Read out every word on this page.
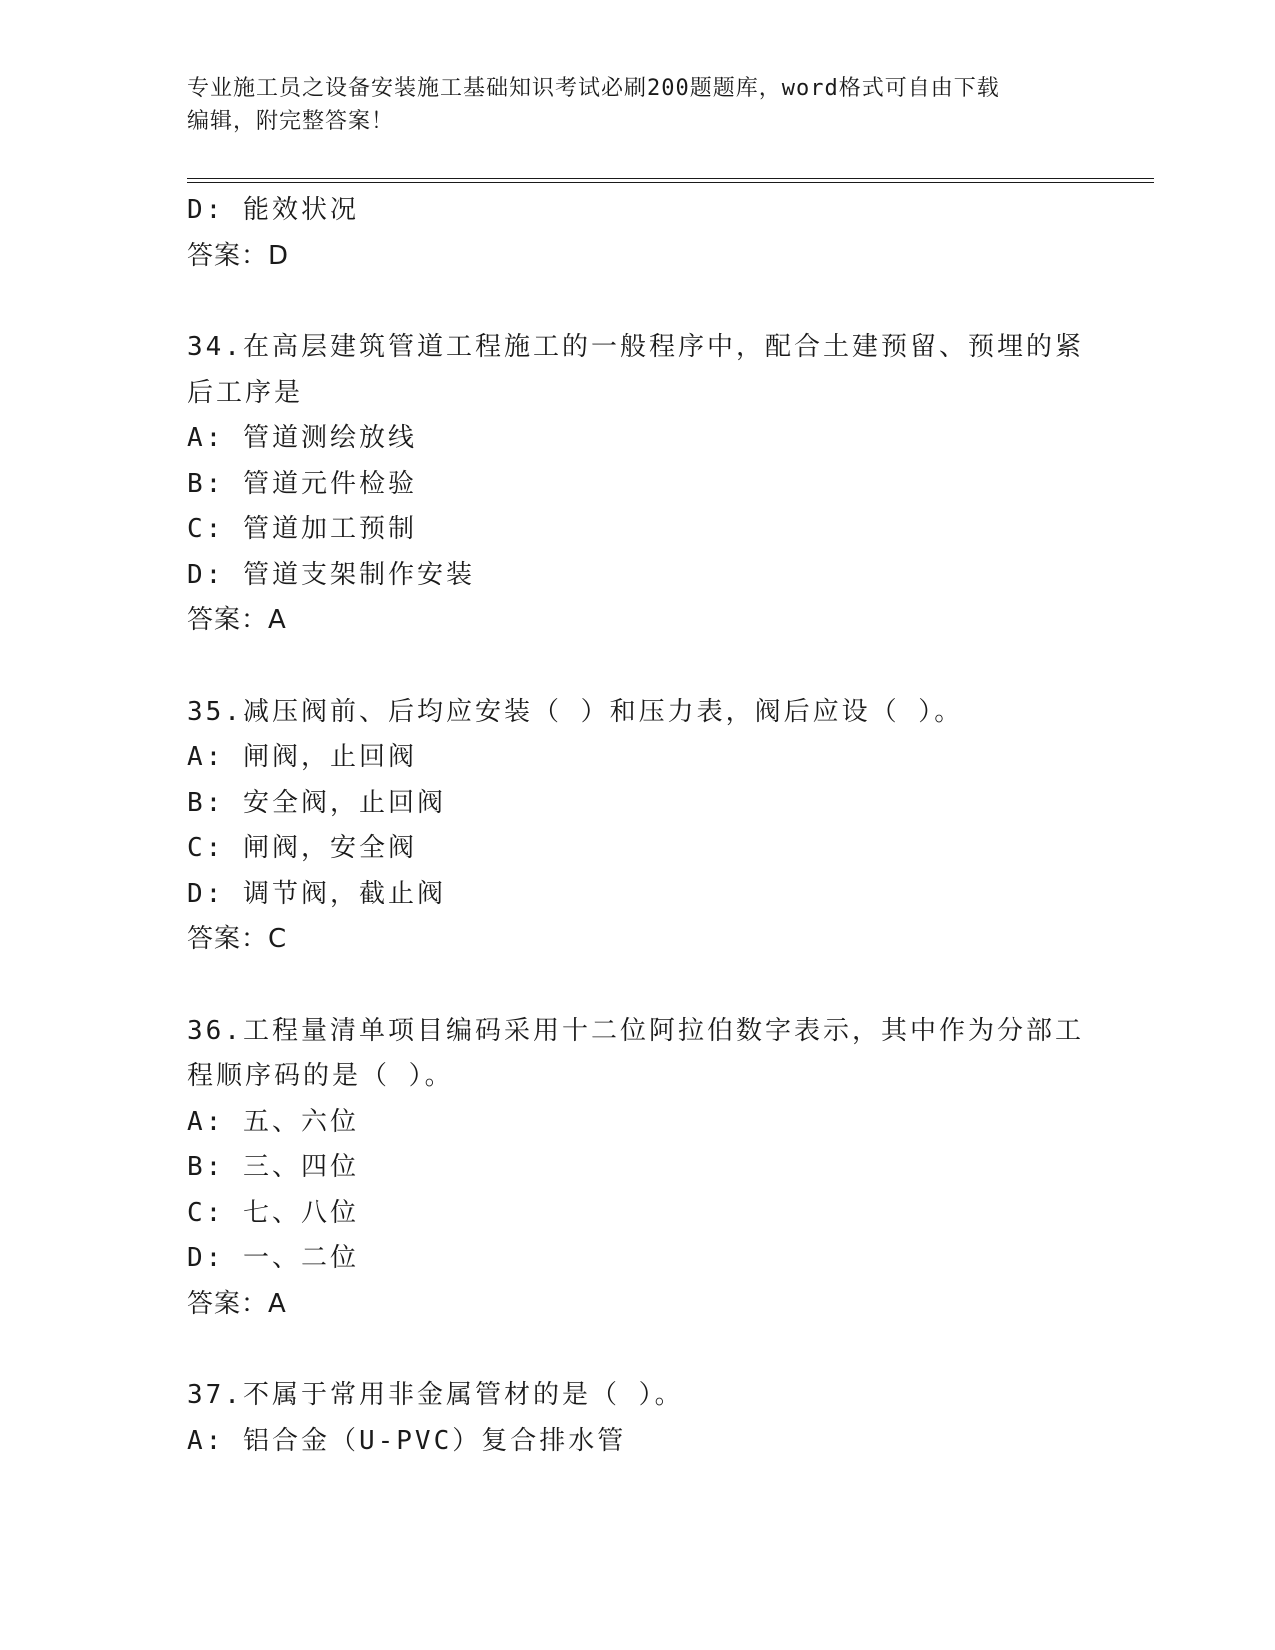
专业施工员之设备安装施工基础知识考试必刷200题题库，word格式可自由下载
编辑，附完整答案！
D: 能效状况
答案：D
34.在高层建筑管道工程施工的一般程序中，配合土建预留、预埋的紧
后工序是
A: 管道测绘放线
B: 管道元件检验
C: 管道加工预制
D: 管道支架制作安装
答案：A
35.减压阀前、后均应安装（ ）和压力表，阀后应设（ ）。
A: 闸阀，止回阀
B: 安全阀，止回阀
C: 闸阀，安全阀
D: 调节阀，截止阀
答案：C
36.工程量清单项目编码采用十二位阿拉伯数字表示，其中作为分部工
程顺序码的是（ ）。
A: 五、六位
B: 三、四位
C: 七、八位
D: 一、二位
答案：A
37.不属于常用非金属管材的是（ ）。
A: 铝合金（U-PVC）复合排水管
